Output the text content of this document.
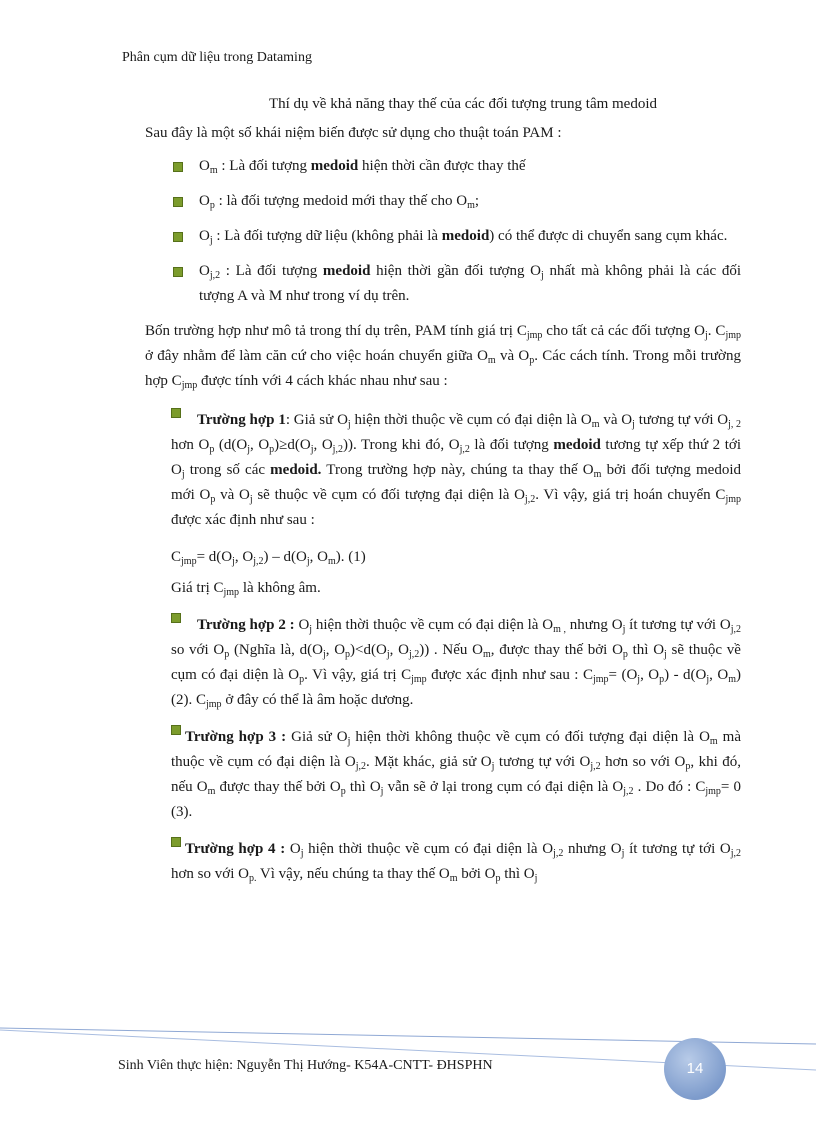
Phân cụm dữ liệu trong Dataming
Thí dụ về khả năng thay thế của các đối tượng trung tâm medoid

Sau đây là một số khái niệm biến được sử dụng cho thuật toán PAM :

$O_m$ : Là đối tượng medoid hiện thời cần được thay thế
$O_p$ : là đối tượng medoid mới thay thế cho $O_m$;
$O_j$ : Là đối tượng dữ liệu (không phải là medoid) có thể được di chuyển sang cụm khác.
$O_{j,2}$ : Là đối tượng medoid hiện thời gần đối tượng $O_j$ nhất mà không phải là các đối tượng A và M như trong ví dụ trên.

Bốn trường hợp như mô tả trong thí dụ trên, PAM tính giá trị $C_{jmp}$ cho tất cả các đối tượng $O_j$. $C_{jmp}$ ở đây nhằm để làm căn cứ cho việc hoán chuyển giữa $O_m$ và $O_p$. Các cách tính. Trong mỗi trường hợp $C_{jmp}$ được tính với 4 cách khác nhau như sau :

Trường hợp 1: Giả sử $O_j$ hiện thời thuộc về cụm có đại diện là $O_m$ và $O_j$ tương tự với $O_{j, 2}$ hơn $O_p$ ($d(O_j$, $O_p)\ge d(O_j$, $O_{j,2}$)). Trong khi đó, $O_{j,2}$ là đối tượng medoid tương tự xếp thứ 2 tới $O_j$ trong số các medoid. Trong trường hợp này, chúng ta thay thế $O_m$ bởi đối tượng medoid mới $O_p$ và $O_j$ sẽ thuộc về cụm có đối tượng đại diện là $O_{j,2}$. Vì vậy, giá trị hoán chuyển $C_{jmp}$ được xác định như sau :
$C_{jmp}= d(O_j$, $O_{j,2}) - d(O_j$, $O_m$). (1)
Giá trị $C_{jmp}$ là không âm.
Trường hợp 2 : $O_j$ hiện thời thuộc về cụm có đại diện là $O_{m ,}$ nhưng $O_j$ ít tương tự với $O_{j,2}$ so với $O_p$ (Nghĩa là, $d(O_j$, $O_p)<d(O_j$, $O_{j,2}$)) . Nếu $O_m$, được thay thế bởi $O_p$ thì $O_j$ sẽ thuộc về cụm có đại diện là $O_p$. Vì vậy, giá trị $C_{jmp}$ được xác định như sau : $C_{jmp}= (O_j$, $O_p) - d(O_j$, $O_m$) (2). $C_{jmp}$ ở đây có thể là âm hoặc dương.
Trường hợp 3 : Giả sử $O_j$ hiện thời không thuộc về cụm có đối tượng đại diện là $O_m$ mà thuộc về cụm có đại diện là $O_{j,2}$. Mặt khác, giả sử $O_j$ tương tự với $O_{j,2}$ hơn so với $O_p$, khi đó, nếu $O_m$ được thay thế bởi $O_p$ thì $O_j$ vẫn sẽ ở lại trong cụm có đại diện là $O_{j,2}$ . Do đó : $C_{jmp}= 0$ (3).
Trường hợp 4 : $O_j$ hiện thời thuộc về cụm có đại diện là $O_{j,2}$ nhưng $O_j$ ít tương tự tới $O_{j,2}$ hơn so với $O_{p.}$ Vì vậy, nếu chúng ta thay thế $O_m$ bởi $O_p$ thì $O_j$
Sinh Viên thực hiện: Nguyễn Thị Hướng- K54A-CNTT- ĐHSPHN	14
